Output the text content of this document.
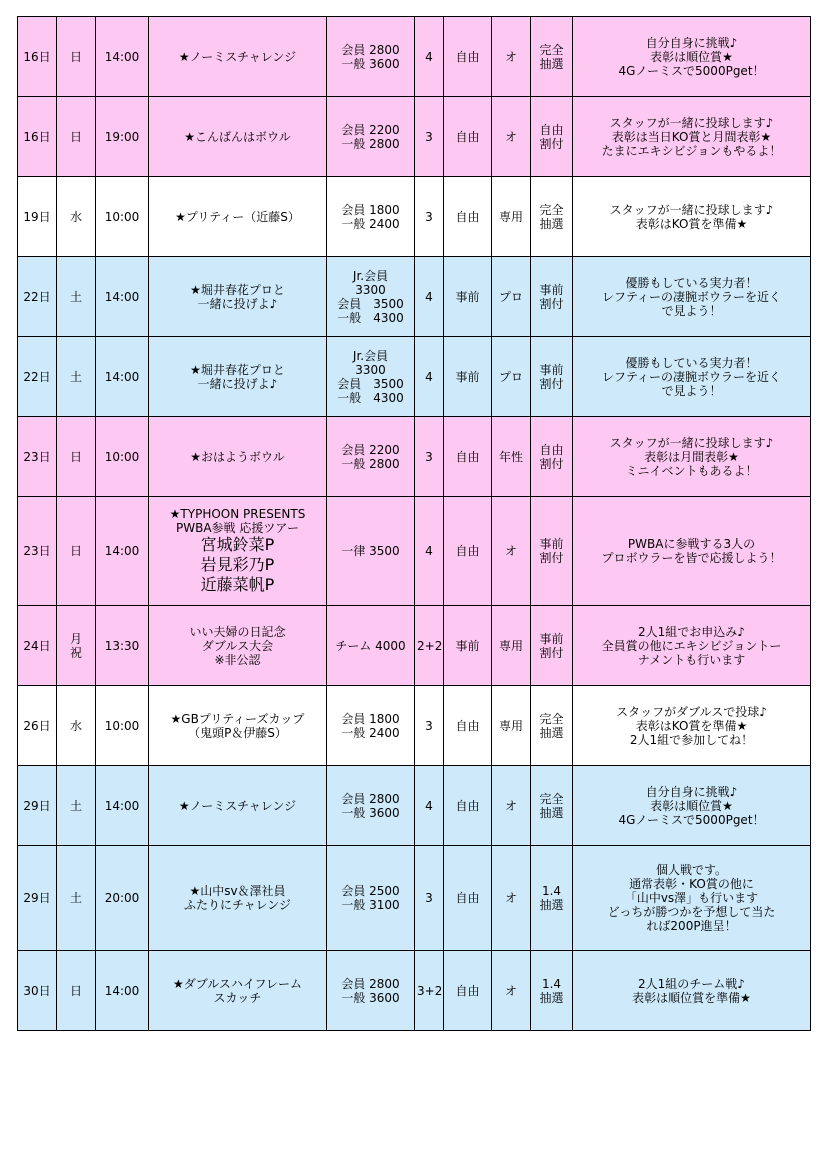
16日	日	14:00	★ノーミスチャレンジ	会員 2800
一般 3600	4	自由	オ	完全
抽選	自分自身に挑戦♪
表彰は順位賞★
4Gノーミスで5000Pget！

16日	日	19:00	★こんばんはボウル	会員 2200
一般 2800	3	自由	オ	自由
割付	スタッフが一緒に投球します♪
表彰は当日KO賞と月間表彰★
たまにエキシビジョンもやるよ！

19日	水	10:00	★プリティー（近藤S）	会員 1800
一般 2400	3	自由	専用	完全
抽選	スタッフが一緒に投球します♪
表彰はKO賞を準備★

22日	土	14:00	★堀井春花プロと
一緒に投げよ♪	Jr.会員
3300
会員　3500
一般　4300	4	事前	プロ	事前
割付	優勝もしている実力者！
レフティーの凄腕ボウラーを近く
で見よう！

22日	土	14:00	★堀井春花プロと
一緒に投げよ♪	Jr.会員
3300
会員　3500
一般　4300	4	事前	プロ	事前
割付	優勝もしている実力者！
レフティーの凄腕ボウラーを近く
で見よう！

23日	日	10:00	★おはようボウル	会員 2200
一般 2800	3	自由	年性	自由
割付	スタッフが一緒に投球します♪
表彰は月間表彰★
ミニイベントもあるよ！

23日	日	14:00	★TYPHOON PRESENTS
PWBA参戦 応援ツアー
宮城鈴菜P
岩見彩乃P
近藤菜帆P	一律 3500	4	自由	オ	事前
割付	PWBAに参戦する3人の
プロボウラーを皆で応援しよう！

24日	月
祝	13:30	いい夫婦の日記念
ダブルス大会
※非公認	チーム 4000	2+2	事前	専用	事前
割付	2人1組でお申込み♪
全員賞の他にエキシビジョントー
ナメントも行います

26日	水	10:00	★GBプリティーズカップ
（鬼頭P＆伊藤S）	会員 1800
一般 2400	3	自由	専用	完全
抽選	スタッフがダブルスで投球♪
表彰はKO賞を準備★
2人1組で参加してね！

29日	土	14:00	★ノーミスチャレンジ	会員 2800
一般 3600	4	自由	オ	完全
抽選	自分自身に挑戦♪
表彰は順位賞★
4Gノーミスで5000Pget！

29日	土	20:00	★山中sv＆澤社員
ふたりにチャレンジ	会員 2500
一般 3100	3	自由	オ	1.4
抽選	個人戦です。
通常表彰・KO賞の他に
「山中vs澤」も行います
どっちが勝つかを予想して当た
れば200P進呈！

30日	日	14:00	★ダブルスハイフレーム
スカッチ	会員 2800
一般 3600	3+2	自由	オ	1.4
抽選	2人1組のチーム戦♪
表彰は順位賞を準備★
